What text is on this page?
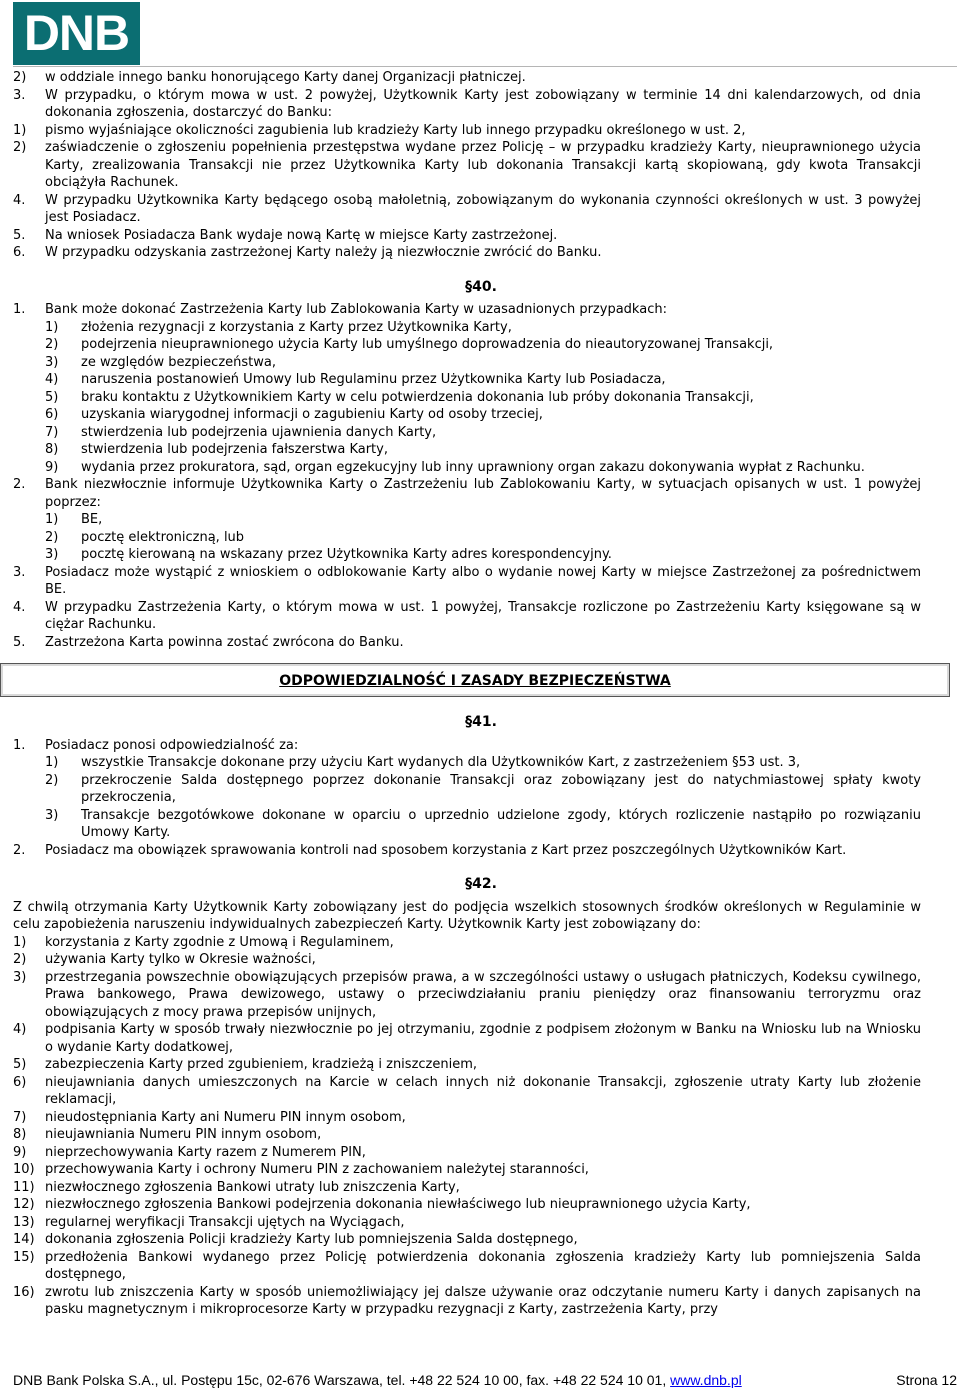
DNB
2) w oddziale innego banku honorującego Karty danej Organizacji płatniczej.
3. W przypadku, o którym mowa w ust. 2 powyżej, Użytkownik Karty jest zobowiązany w terminie 14 dni kalendarzowych, od dnia dokonania zgłoszenia, dostarczyć do Banku:
1) pismo wyjaśniające okoliczności zagubienia lub kradzieży Karty lub innego przypadku określonego w ust. 2,
2) zaświadczenie o zgłoszeniu popełnienia przestępstwa wydane przez Policję – w przypadku kradzieży Karty, nieuprawnionego użycia Karty, zrealizowania Transakcji nie przez Użytkownika Karty lub dokonania Transakcji kartą skopiowaną, gdy kwota Transakcji obciążyła Rachunek.
4. W przypadku Użytkownika Karty będącego osobą małoletnią, zobowiązanym do wykonania czynności określonych w ust. 3 powyżej jest Posiadacz.
5. Na wniosek Posiadacza Bank wydaje nową Kartę w miejsce Karty zastrzeżonej.
6. W przypadku odzyskania zastrzeżonej Karty należy ją niezwłocznie zwrócić do Banku.
§40.
1. Bank może dokonać Zastrzeżenia Karty lub Zablokowania Karty w uzasadnionych przypadkach:
1) złożenia rezygnacji z korzystania z Karty przez Użytkownika Karty,
2) podejrzenia nieuprawnionego użycia Karty lub umyślnego doprowadzenia do nieautoryzowanej Transakcji,
3) ze względów bezpieczeństwa,
4) naruszenia postanowień Umowy lub Regulaminu przez Użytkownika Karty lub Posiadacza,
5) braku kontaktu z Użytkownikiem Karty w celu potwierdzenia dokonania lub próby dokonania Transakcji,
6) uzyskania wiarygodnej informacji o zagubieniu Karty od osoby trzeciej,
7) stwierdzenia lub podejrzenia ujawnienia danych Karty,
8) stwierdzenia lub podejrzenia fałszerstwa Karty,
9) wydania przez prokuratora, sąd, organ egzekucyjny lub inny uprawniony organ zakazu dokonywania wypłat z Rachunku.
2. Bank niezwłocznie informuje Użytkownika Karty o Zastrzeżeniu lub Zablokowaniu Karty, w sytuacjach opisanych w ust. 1 powyżej poprzez:
1) BE,
2) pocztę elektroniczną, lub
3) pocztę kierowaną na wskazany przez Użytkownika Karty adres korespondencyjny.
3. Posiadacz może wystąpić z wnioskiem o odblokowanie Karty albo o wydanie nowej Karty w miejsce Zastrzeżonej za pośrednictwem BE.
4. W przypadku Zastrzeżenia Karty, o którym mowa w ust. 1 powyżej, Transakcje rozliczone po Zastrzeżeniu Karty księgowane są w ciężar Rachunku.
5. Zastrzeżona Karta powinna zostać zwrócona do Banku.
ODPOWIEDZIALNOŚĆ I ZASADY BEZPIECZEŃSTWA
§41.
1. Posiadacz ponosi odpowiedzialność za:
1) wszystkie Transakcje dokonane przy użyciu Kart wydanych dla Użytkowników Kart, z zastrzeżeniem §53 ust. 3,
2) przekroczenie Salda dostępnego poprzez dokonanie Transakcji oraz zobowiązany jest do natychmiastowej spłaty kwoty przekroczenia,
3) Transakcje bezgotówkowe dokonane w oparciu o uprzednio udzielone zgody, których rozliczenie nastąpiło po rozwiązaniu Umowy Karty.
2. Posiadacz ma obowiązek sprawowania kontroli nad sposobem korzystania z Kart przez poszczególnych Użytkowników Kart.
§42.
Z chwilą otrzymania Karty Użytkownik Karty zobowiązany jest do podjęcia wszelkich stosownych środków określonych w Regulaminie w celu zapobieżenia naruszeniu indywidualnych zabezpieczeń Karty. Użytkownik Karty jest zobowiązany do:
1) korzystania z Karty zgodnie z Umową i Regulaminem,
2) używania Karty tylko w Okresie ważności,
3) przestrzegania powszechnie obowiązujących przepisów prawa, a w szczególności ustawy o usługach płatniczych, Kodeksu cywilnego, Prawa bankowego, Prawa dewizowego, ustawy o przeciwdziałaniu praniu pieniędzy oraz finansowaniu terroryzmu oraz obowiązujących z mocy prawa przepisów unijnych,
4) podpisania Karty w sposób trwały niezwłocznie po jej otrzymaniu, zgodnie z podpisem złożonym w Banku na Wniosku lub na Wniosku o wydanie Karty dodatkowej,
5) zabezpieczenia Karty przed zgubieniem, kradzieżą i zniszczeniem,
6) nieujawniania danych umieszczonych na Karcie w celach innych niż dokonanie Transakcji, zgłoszenie utraty Karty lub złożenie reklamacji,
7) nieudostępniania Karty ani Numeru PIN innym osobom,
8) nieujawniania Numeru PIN innym osobom,
9) nieprzechowywania Karty razem z Numerem PIN,
10) przechowywania Karty i ochrony Numeru PIN z zachowaniem należytej staranności,
11) niezwłocznego zgłoszenia Bankowi utraty lub zniszczenia Karty,
12) niezwłocznego zgłoszenia Bankowi podejrzenia dokonania niewłaściwego lub nieuprawnionego użycia Karty,
13) regularnej weryfikacji Transakcji ujętych na Wyciągach,
14) dokonania zgłoszenia Policji kradzieży Karty lub pomniejszenia Salda dostępnego,
15) przedłożenia Bankowi wydanego przez Policję potwierdzenia dokonania zgłoszenia kradzieży Karty lub pomniejszenia Salda dostępnego,
16) zwrotu lub zniszczenia Karty w sposób uniemożliwiający jej dalsze używanie oraz odczytanie numeru Karty i danych zapisanych na pasku magnetycznym i mikroprocesorze Karty w przypadku rezygnacji z Karty, zastrzeżenia Karty, przy
DNB Bank Polska S.A., ul. Postępu 15c, 02-676 Warszawa, tel. +48 22 524 10 00, fax. +48 22 524 10 01, www.dnb.pl	Strona 12
